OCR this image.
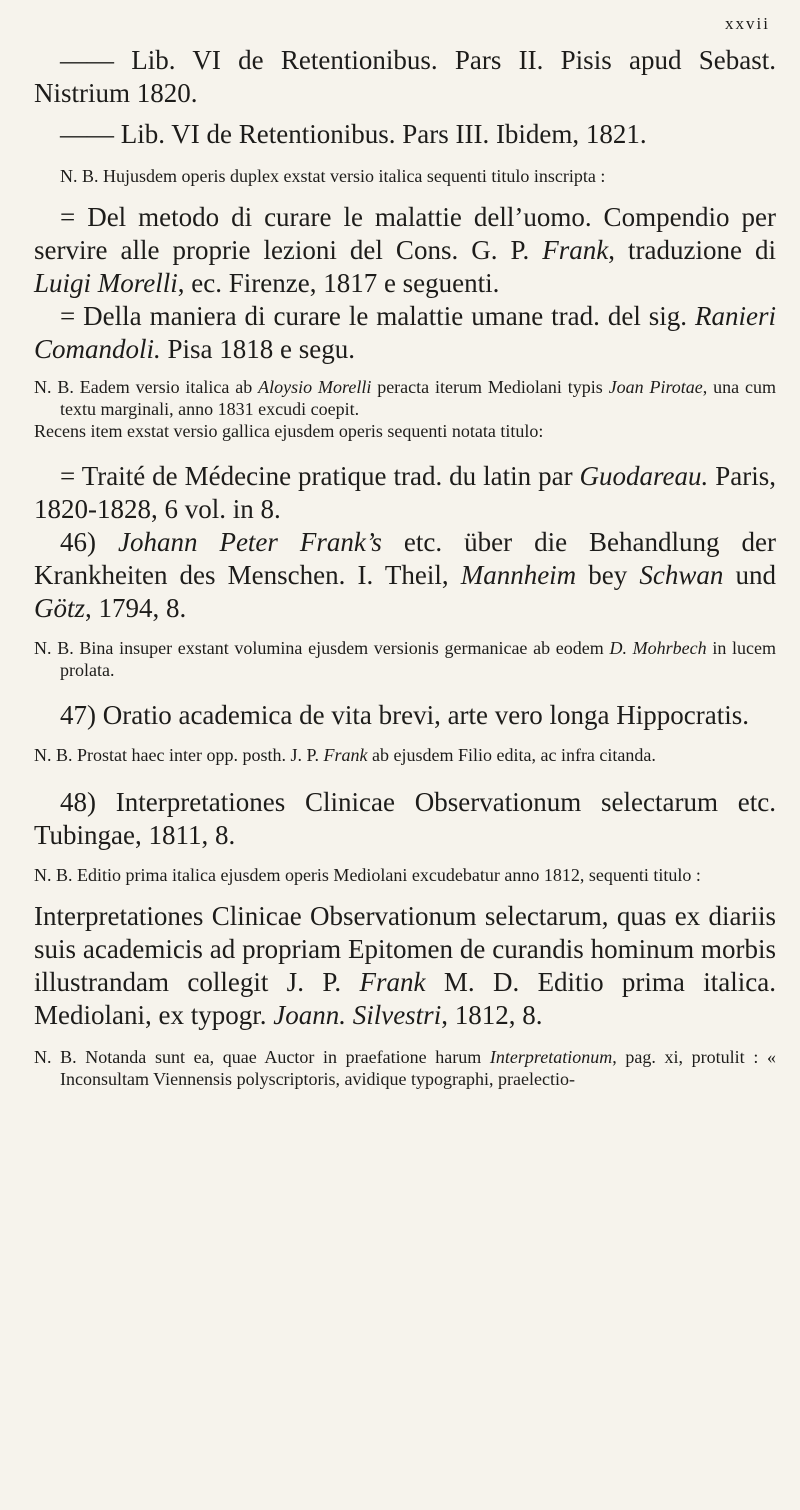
xxvii

—— Lib. VI de Retentionibus. Pars II. Pisis apud Sebast. Nistrium 1820.

—— Lib. VI de Retentionibus. Pars III. Ibidem, 1821.

N. B. Hujusdem operis duplex exstat versio italica sequenti titulo inscripta :

= Del metodo di curare le malattie dell’uomo. Compendio per servire alle proprie lezioni del Cons. G. P. Frank, traduzione di Luigi Morelli, ec. Firenze, 1817 e seguenti.

= Della maniera di curare le malattie umane trad. del sig. Ranieri Comandoli. Pisa 1818 e segu.

N. B. Eadem versio italica ab Aloysio Morelli peracta iterum Mediolani typis Joan Pirotae, una cum textu marginali, anno 1831 excudi coepit.

Recens item exstat versio gallica ejusdem operis sequenti notata titulo:

= Traité de Médecine pratique trad. du latin par Guodareau. Paris, 1820-1828, 6 vol. in 8.

46) Johann Peter Frank’s etc. über die Behandlung der Krankheiten des Menschen. I. Theil, Mannheim bey Schwan und Götz, 1794, 8.

N. B. Bina insuper exstant volumina ejusdem versionis germanicae ab eodem D. Mohrbech in lucem prolata.

47) Oratio academica de vita brevi, arte vero longa Hippocratis.

N. B. Prostat haec inter opp. posth. J. P. Frank ab ejusdem Filio edita, ac infra citanda.

48) Interpretationes Clinicae Observationum selectarum etc. Tubingae, 1811, 8.

N. B. Editio prima italica ejusdem operis Mediolani excudebatur anno 1812, sequenti titulo :

Interpretationes Clinicae Observationum selectarum, quas ex diariis suis academicis ad propriam Epitomen de curandis hominum morbis illustrandam collegit J. P. Frank M. D. Editio prima italica. Mediolani, ex typogr. Joann. Silvestri, 1812, 8.

N. B. Notanda sunt ea, quae Auctor in praefatione harum Interpretationum, pag. xi, protulit : « Inconsultam Viennensis polyscriptoris, avidique typographi, praelectio-
